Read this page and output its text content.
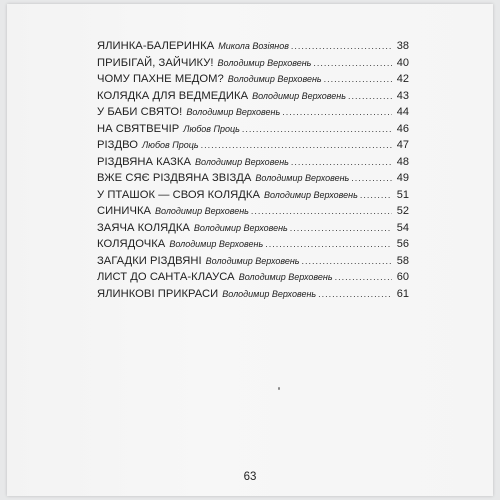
ЯЛИНКА-БАЛЕРИНКА Микола Возіянов .....	38
ПРИБІГАЙ, ЗАЙЧИКУ! Володимир Верховень .....	40
ЧОМУ ПАХНЕ МЕДОМ? Володимир Верховень .....	42
КОЛЯДКА ДЛЯ ВЕДМЕДИКА Володимир Верховень .....	43
У БАБИ СВЯТО! Володимир Верховень .....	44
НА СВЯТВЕЧІР Любов Проць .....	46
РІЗДВО Любов Проць .....	47
РІЗДВЯНА КАЗКА Володимир Верховень .....	48
ВЖЕ СЯЄ РІЗДВЯНА ЗВІЗДА Володимир Верховень .....	49
У ПТАШОК — СВОЯ КОЛЯДКА Володимир Верховень .....	51
СИНИЧКА Володимир Верховень .....	52
ЗАЯЧА КОЛЯДКА Володимир Верховень .....	54
КОЛЯДОЧКА Володимир Верховень .....	56
ЗАГАДКИ РІЗДВЯНІ Володимир Верховень .....	58
ЛИСТ ДО САНТА-КЛАУСА Володимир Верховень .....	60
ЯЛИНКОВІ ПРИКРАСИ Володимир Верховень .....	61
63
